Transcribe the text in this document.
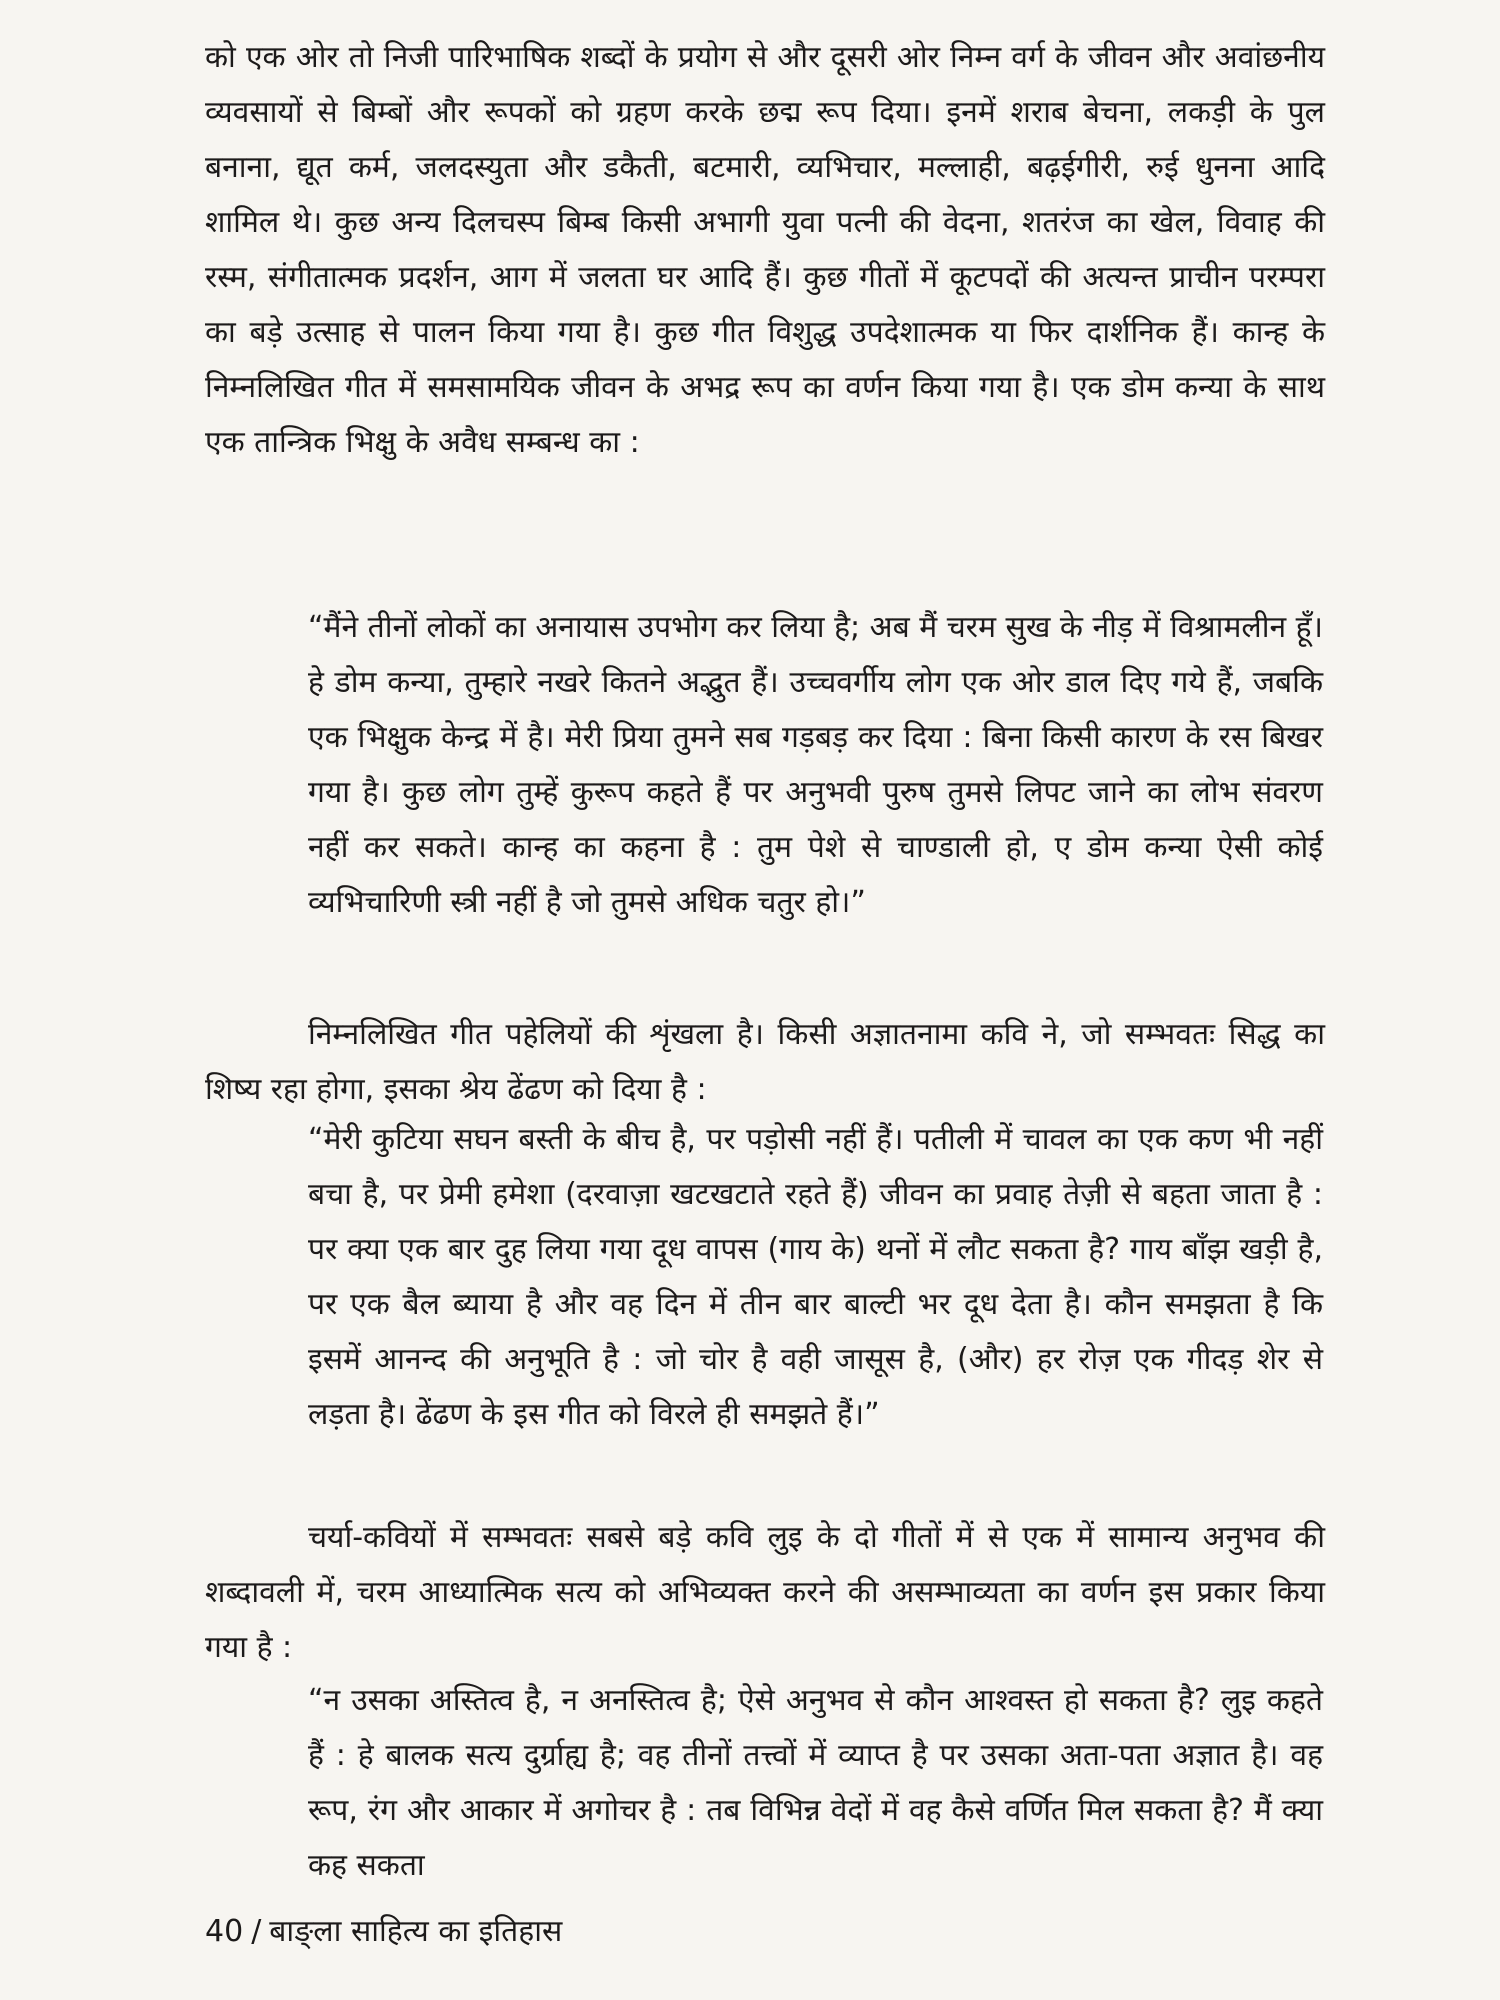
को एक ओर तो निजी पारिभाषिक शब्दों के प्रयोग से और दूसरी ओर निम्न वर्ग के जीवन और अवांछनीय व्यवसायों से बिम्बों और रूपकों को ग्रहण करके छद्म रूप दिया। इनमें शराब बेचना, लकड़ी के पुल बनाना, द्यूत कर्म, जलदस्युता और डकैती, बटमारी, व्यभिचार, मल्लाही, बढ़ईगीरी, रुई धुनना आदि शामिल थे। कुछ अन्य दिलचस्प बिम्ब किसी अभागी युवा पत्नी की वेदना, शतरंज का खेल, विवाह की रस्म, संगीतात्मक प्रदर्शन, आग में जलता घर आदि हैं। कुछ गीतों में कूटपदों की अत्यन्त प्राचीन परम्परा का बड़े उत्साह से पालन किया गया है। कुछ गीत विशुद्ध उपदेशात्मक या फिर दार्शनिक हैं। कान्ह के निम्नलिखित गीत में समसामयिक जीवन के अभद्र रूप का वर्णन किया गया है। एक डोम कन्या के साथ एक तान्त्रिक भिक्षु के अवैध सम्बन्ध का :

“मैंने तीनों लोकों का अनायास उपभोग कर लिया है; अब मैं चरम सुख के नीड़ में विश्रामलीन हूँ। हे डोम कन्या, तुम्हारे नखरे कितने अद्भुत हैं। उच्चवर्गीय लोग एक ओर डाल दिए गये हैं, जबकि एक भिक्षुक केन्द्र में है। मेरी प्रिया तुमने सब गड़बड़ कर दिया : बिना किसी कारण के रस बिखर गया है। कुछ लोग तुम्हें कुरूप कहते हैं पर अनुभवी पुरुष तुमसे लिपट जाने का लोभ संवरण नहीं कर सकते। कान्ह का कहना है : तुम पेशे से चाण्डाली हो, ए डोम कन्या ऐसी कोई व्यभिचारिणी स्त्री नहीं है जो तुमसे अधिक चतुर हो।”

निम्नलिखित गीत पहेलियों की शृंखला है। किसी अज्ञातनामा कवि ने, जो सम्भवतः सिद्ध का शिष्य रहा होगा, इसका श्रेय ढेंढण को दिया है :

“मेरी कुटिया सघन बस्ती के बीच है, पर पड़ोसी नहीं हैं। पतीली में चावल का एक कण भी नहीं बचा है, पर प्रेमी हमेशा (दरवाज़ा खटखटाते रहते हैं) जीवन का प्रवाह तेज़ी से बहता जाता है : पर क्या एक बार दुह लिया गया दूध वापस (गाय के) थनों में लौट सकता है? गाय बाँझ खड़ी है, पर एक बैल ब्याया है और वह दिन में तीन बार बाल्टी भर दूध देता है। कौन समझता है कि इसमें आनन्द की अनुभूति है : जो चोर है वही जासूस है, (और) हर रोज़ एक गीदड़ शेर से लड़ता है। ढेंढण के इस गीत को विरले ही समझते हैं।”

चर्या-कवियों में सम्भवतः सबसे बड़े कवि लुइ के दो गीतों में से एक में सामान्य अनुभव की शब्दावली में, चरम आध्यात्मिक सत्य को अभिव्यक्त करने की असम्भाव्यता का वर्णन इस प्रकार किया गया है :

“न उसका अस्तित्व है, न अनस्तित्व है; ऐसे अनुभव से कौन आश्वस्त हो सकता है? लुइ कहते हैं : हे बालक सत्य दुर्ग्राह्य है; वह तीनों तत्त्वों में व्याप्त है पर उसका अता-पता अज्ञात है। वह रूप, रंग और आकार में अगोचर है : तब विभिन्न वेदों में वह कैसे वर्णित मिल सकता है? मैं क्या कह सकता

40 / बाङ्ला साहित्य का इतिहास
